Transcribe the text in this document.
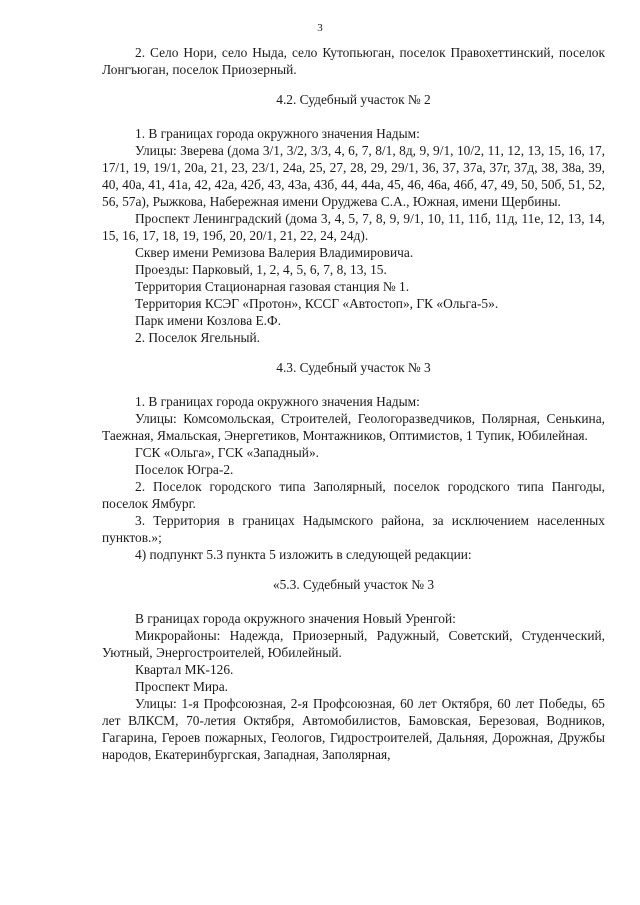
3
2. Село Нори, село Ныда, село Кутопьюган, поселок Правохеттинский, поселок Лонгъюган, поселок Приозерный.
4.2. Судебный участок № 2
1. В границах города окружного значения Надым:
Улицы: Зверева (дома 3/1, 3/2, 3/3, 4, 6, 7, 8/1, 8д, 9, 9/1, 10/2, 11, 12, 13, 15, 16, 17, 17/1, 19, 19/1, 20а, 21, 23, 23/1, 24а, 25, 27, 28, 29, 29/1, 36, 37, 37а, 37г, 37д, 38, 38а, 39, 40, 40а, 41, 41а, 42, 42а, 42б, 43, 43а, 43б, 44, 44а, 45, 46, 46а, 46б, 47, 49, 50, 50б, 51, 52, 56, 57а), Рыжкова, Набережная имени Оруджева С.А., Южная, имени Щербины.
Проспект Ленинградский (дома 3, 4, 5, 7, 8, 9, 9/1, 10, 11, 11б, 11д, 11е, 12, 13, 14, 15, 16, 17, 18, 19, 19б, 20, 20/1, 21, 22, 24, 24д).
Сквер имени Ремизова Валерия Владимировича.
Проезды: Парковый, 1, 2, 4, 5, 6, 7, 8, 13, 15.
Территория Стационарная газовая станция № 1.
Территория КСЭГ «Протон», КССГ «Автостоп», ГК «Ольга-5».
Парк имени Козлова Е.Ф.
2. Поселок Ягельный.
4.3. Судебный участок № 3
1. В границах города окружного значения Надым:
Улицы: Комсомольская, Строителей, Геологоразведчиков, Полярная, Сенькина, Таежная, Ямальская, Энергетиков, Монтажников, Оптимистов, 1 Тупик, Юбилейная.
ГСК «Ольга», ГСК «Западный».
Поселок Югра-2.
2. Поселок городского типа Заполярный, поселок городского типа Пангоды, поселок Ямбург.
3. Территория в границах Надымского района, за исключением населенных пунктов.»;
4) подпункт 5.3 пункта 5 изложить в следующей редакции:
«5.3. Судебный участок № 3
В границах города окружного значения Новый Уренгой:
Микрорайоны: Надежда, Приозерный, Радужный, Советский, Студенческий, Уютный, Энергостроителей, Юбилейный.
Квартал МК-126.
Проспект Мира.
Улицы: 1-я Профсоюзная, 2-я Профсоюзная, 60 лет Октября, 60 лет Победы, 65 лет ВЛКСМ, 70-летия Октября, Автомобилистов, Бамовская, Березовая, Водников, Гагарина, Героев пожарных, Геологов, Гидростроителей, Дальняя, Дорожная, Дружбы народов, Екатеринбургская, Западная, Заполярная,
